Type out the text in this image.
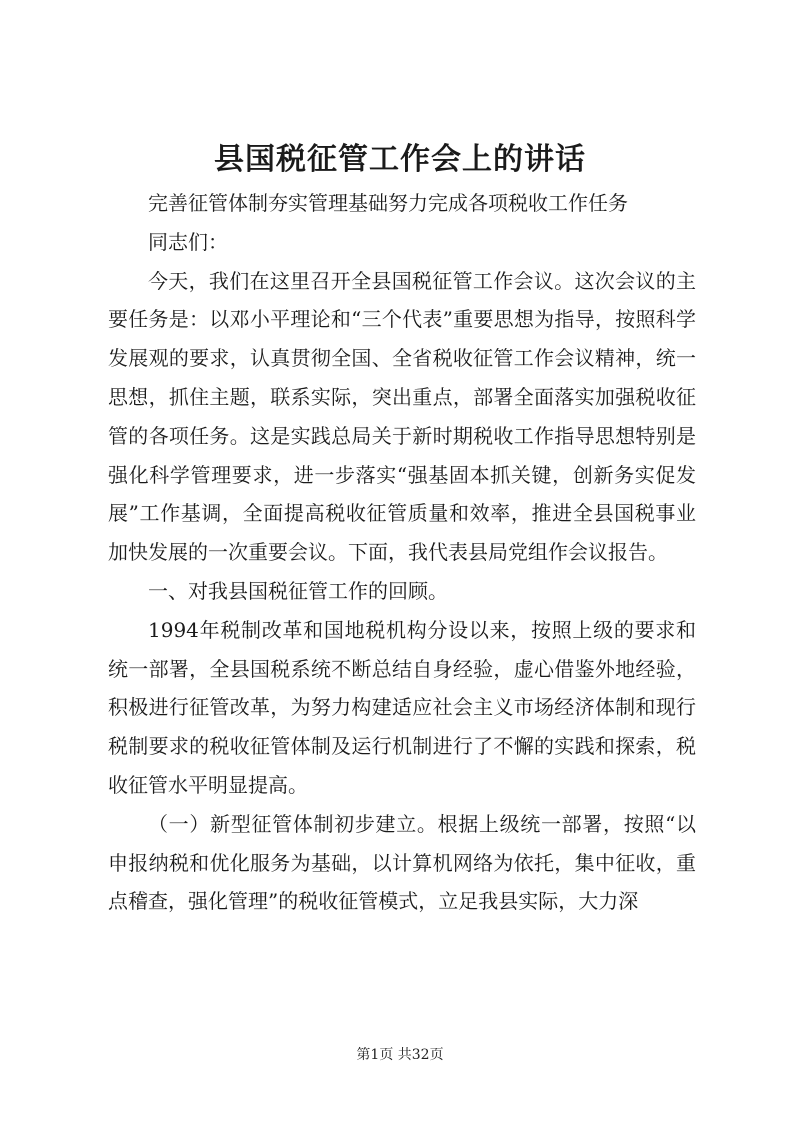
县国税征管工作会上的讲话

完善征管体制夯实管理基础努力完成各项税收工作任务

同志们：

今天，我们在这里召开全县国税征管工作会议。这次会议的主要任务是：以邓小平理论和“三个代表”重要思想为指导，按照科学发展观的要求，认真贯彻全国、全省税收征管工作会议精神，统一思想，抓住主题，联系实际，突出重点，部署全面落实加强税收征管的各项任务。这是实践总局关于新时期税收工作指导思想特别是强化科学管理要求，进一步落实“强基固本抓关键，创新务实促发展”工作基调，全面提高税收征管质量和效率，推进全县国税事业加快发展的一次重要会议。下面，我代表县局党组作会议报告。

一、对我县国税征管工作的回顾。

1994年税制改革和国地税机构分设以来，按照上级的要求和统一部署，全县国税系统不断总结自身经验，虚心借鉴外地经验，积极进行征管改革，为努力构建适应社会主义市场经济体制和现行税制要求的税收征管体制及运行机制进行了不懈的实践和探索，税收征管水平明显提高。

（一）新型征管体制初步建立。根据上级统一部署，按照“以申报纳税和优化服务为基础，以计算机网络为依托，集中征收，重点稽查，强化管理”的税收征管模式，立足我县实际，大力深

第1页 共32页
